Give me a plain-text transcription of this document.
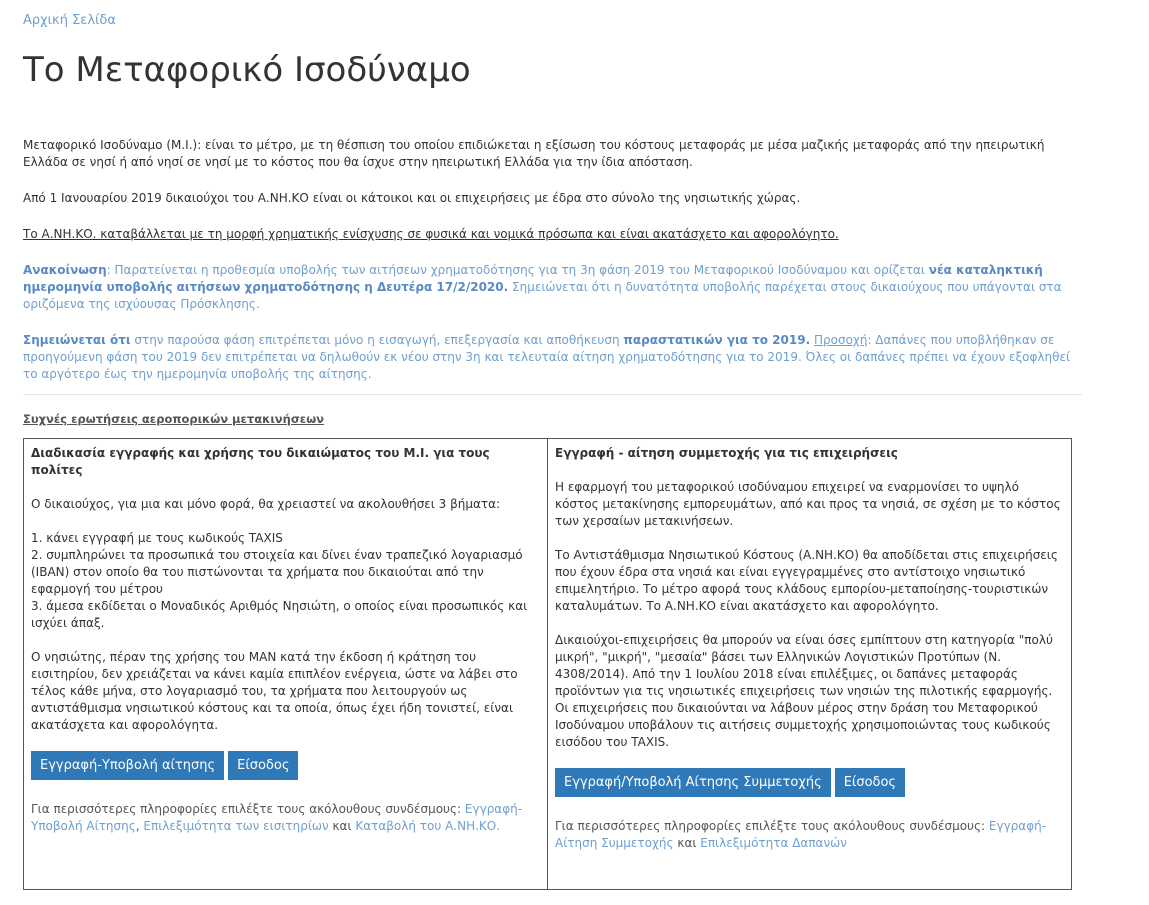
Αρχική Σελίδα
Το Μεταφορικό Ισοδύναμο

Μεταφορικό Ισοδύναμο (Μ.Ι.): είναι το μέτρο, με τη θέσπιση του οποίου επιδιώκεται η εξίσωση του κόστους μεταφοράς με μέσα μαζικής μεταφοράς από την ηπειρωτική Ελλάδα σε νησί ή από νησί σε νησί με το κόστος που θα ίσχυε στην ηπειρωτική Ελλάδα για την ίδια απόσταση.

Από 1 Ιανουαρίου 2019 δικαιούχοι του Α.ΝΗ.ΚΟ είναι οι κάτοικοι και οι επιχειρήσεις με έδρα στο σύνολο της νησιωτικής χώρας.

Το Α.ΝΗ.ΚΟ. καταβάλλεται με τη μορφή χρηματικής ενίσχυσης σε φυσικά και νομικά πρόσωπα και είναι ακατάσχετο και αφορολόγητο.

Ανακοίνωση: Παρατείνεται η προθεσμία υποβολής των αιτήσεων χρηματοδότησης για τη 3η φάση 2019 του Μεταφορικού Ισοδύναμου και ορίζεται νέα καταληκτική ημερομηνία υποβολής αιτήσεων χρηματοδότησης η Δευτέρα 17/2/2020. Σημειώνεται ότι η δυνατότητα υποβολής παρέχεται στους δικαιούχους που υπάγονται στα οριζόμενα της ισχύουσας Πρόσκλησης.

Σημειώνεται ότι στην παρούσα φάση επιτρέπεται μόνο η εισαγωγή, επεξεργασία και αποθήκευση παραστατικών για το 2019. Προσοχή: Δαπάνες που υποβλήθηκαν σε προηγούμενη φάση του 2019 δεν επιτρέπεται να δηλωθούν εκ νέου στην 3η και τελευταία αίτηση χρηματοδότησης για το 2019. Όλες οι δαπάνες πρέπει να έχουν εξοφληθεί το αργότερο έως την ημερομηνία υποβολής της αίτησης.

Συχνές ερωτήσεις αεροπορικών μετακινήσεων
Διαδικασία εγγραφής και χρήσης του δικαιώματος του Μ.Ι. για τους πολίτες

Ο δικαιούχος, για μια και μόνο φορά, θα χρειαστεί να ακολουθήσει 3 βήματα:

1. κάνει εγγραφή με τους κωδικούς TAXIS
2. συμπληρώνει τα προσωπικά του στοιχεία και δίνει έναν τραπεζικό λογαριασμό (IBAN) στον οποίο θα του πιστώνονται τα χρήματα που δικαιούται από την εφαρμογή του μέτρου
3. άμεσα εκδίδεται ο Μοναδικός Αριθμός Νησιώτη, ο οποίος είναι προσωπικός και ισχύει άπαξ.

Ο νησιώτης, πέραν της χρήσης του ΜΑΝ κατά την έκδοση ή κράτηση του εισιτηρίου, δεν χρειάζεται να κάνει καμία επιπλέον ενέργεια, ώστε να λάβει στο τέλος κάθε μήνα, στο λογαριασμό του, τα χρήματα που λειτουργούν ως αντιστάθμισμα νησιωτικού κόστους και τα οποία, όπως έχει ήδη τονιστεί, είναι ακατάσχετα και αφορολόγητα.

Εγγραφή-Υποβολή αίτησης Είσοδος

Για περισσότερες πληροφορίες επιλέξτε τους ακόλουθους συνδέσμους: Εγγραφή-Υποβολή Αίτησης, Επιλεξιμότητα των εισιτηρίων και Καταβολή του Α.ΝΗ.ΚΟ.

Εγγραφή - αίτηση συμμετοχής για τις επιχειρήσεις

Η εφαρμογή του μεταφορικού ισοδύναμου επιχειρεί να εναρμονίσει το υψηλό κόστος μετακίνησης εμπορευμάτων, από και προς τα νησιά, σε σχέση με το κόστος των χερσαίων μετακινήσεων.

Το Αντιστάθμισμα Νησιωτικού Κόστους (Α.ΝΗ.ΚΟ) θα αποδίδεται στις επιχειρήσεις που έχουν έδρα στα νησιά και είναι εγγεγραμμένες στο αντίστοιχο νησιωτικό επιμελητήριο. Το μέτρο αφορά τους κλάδους εμπορίου-μεταποίησης-τουριστικών καταλυμάτων. Το Α.ΝΗ.ΚΟ είναι ακατάσχετο και αφορολόγητο.

Δικαιούχοι-επιχειρήσεις θα μπορούν να είναι όσες εμπίπτουν στη κατηγορία "πολύ μικρή", "μικρή", "μεσαία" βάσει των Ελληνικών Λογιστικών Προτύπων (Ν. 4308/2014). Από την 1 Ιουλίου 2018 είναι επιλέξιμες, οι δαπάνες μεταφοράς προϊόντων για τις νησιωτικές επιχειρήσεις των νησιών της πιλοτικής εφαρμογής. Οι επιχειρήσεις που δικαιούνται να λάβουν μέρος στην δράση του Μεταφορικού Ισοδύναμου υποβάλουν τις αιτήσεις συμμετοχής χρησιμοποιώντας τους κωδικούς εισόδου του TAXIS.

Εγγραφή/Υποβολή Αίτησης Συμμετοχής Είσοδος

Για περισσότερες πληροφορίες επιλέξτε τους ακόλουθους συνδέσμους: Εγγραφή-Αίτηση Συμμετοχής και Επιλεξιμότητα Δαπανών
